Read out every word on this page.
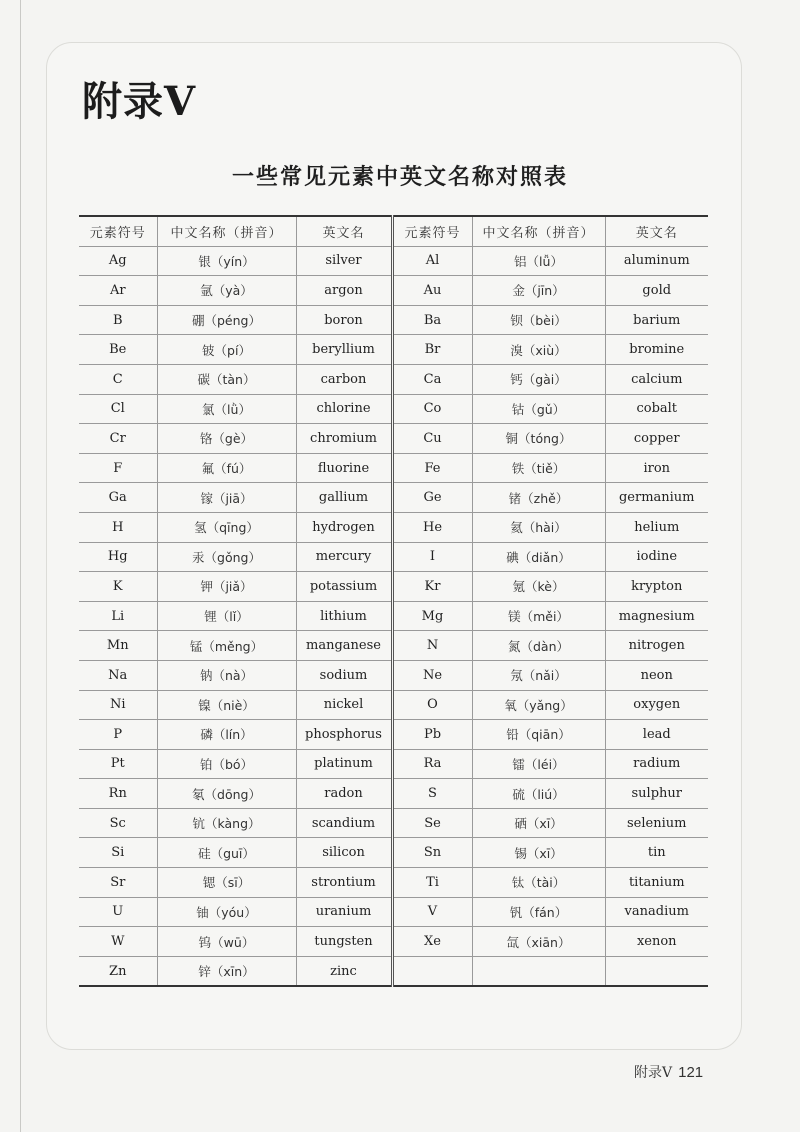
附录V
一些常见元素中英文名称对照表
元素符号	中文名称（拼音）	英文名	元素符号	中文名称（拼音）	英文名
Ag	银（yín）	silver	Al	铝（lǚ）	aluminum
Ar	氩（yà）	argon	Au	金（jīn）	gold
B	硼（péng）	boron	Ba	钡（bèi）	barium
Be	铍（pí）	beryllium	Br	溴（xiù）	bromine
C	碳（tàn）	carbon	Ca	钙（gài）	calcium
Cl	氯（lǜ）	chlorine	Co	钴（gǔ）	cobalt
Cr	铬（gè）	chromium	Cu	铜（tóng）	copper
F	氟（fú）	fluorine	Fe	铁（tiě）	iron
Ga	镓（jiā）	gallium	Ge	锗（zhě）	germanium
H	氢（qīng）	hydrogen	He	氦（hài）	helium
Hg	汞（gǒng）	mercury	I	碘（diǎn）	iodine
K	钾（jiǎ）	potassium	Kr	氪（kè）	krypton
Li	锂（lǐ）	lithium	Mg	镁（měi）	magnesium
Mn	锰（měng）	manganese	N	氮（dàn）	nitrogen
Na	钠（nà）	sodium	Ne	氖（nǎi）	neon
Ni	镍（niè）	nickel	O	氧（yǎng）	oxygen
P	磷（lín）	phosphorus	Pb	铅（qiān）	lead
Pt	铂（bó）	platinum	Ra	镭（léi）	radium
Rn	氡（dōng）	radon	S	硫（liú）	sulphur
Sc	钪（kàng）	scandium	Se	硒（xī）	selenium
Si	硅（guī）	silicon	Sn	锡（xī）	tin
Sr	锶（sī）	strontium	Ti	钛（tài）	titanium
U	铀（yóu）	uranium	V	钒（fán）	vanadium
W	钨（wū）	tungsten	Xe	氙（xiān）	xenon
Zn	锌（xīn）	zinc			
附录V 121
